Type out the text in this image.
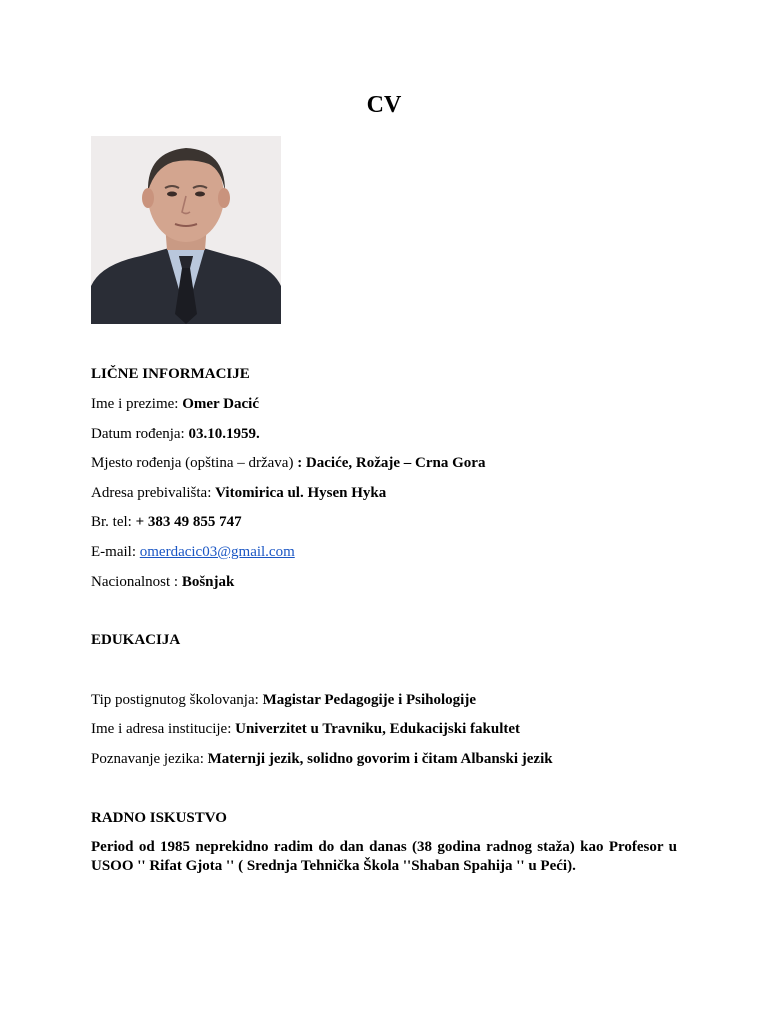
CV
LIČNE INFORMACIJE
Ime i prezime: Omer Dacić
Datum rođenja: 03.10.1959.
Mjesto rođenja (opština – država) : Daciće, Rožaje – Crna Gora
Adresa prebivališta: Vitomirica ul. Hysen Hyka
Br. tel: + 383 49 855 747
E-mail: omerdacic03@gmail.com
Nacionalnost : Bošnjak
EDUKACIJA
Tip postignutog školovanja: Magistar Pedagogije i Psihologije
Ime i adresa institucije: Univerzitet u Travniku, Edukacijski fakultet
Poznavanje jezika: Maternji jezik, solidno govorim i čitam Albanski jezik
RADNO ISKUSTVO
Period od 1985 neprekidno radim do dan danas (38 godina radnog staža) kao Profesor u USOO '' Rifat Gjota '' ( Srednja Tehnička Škola ''Shaban Spahija '' u Peći).
